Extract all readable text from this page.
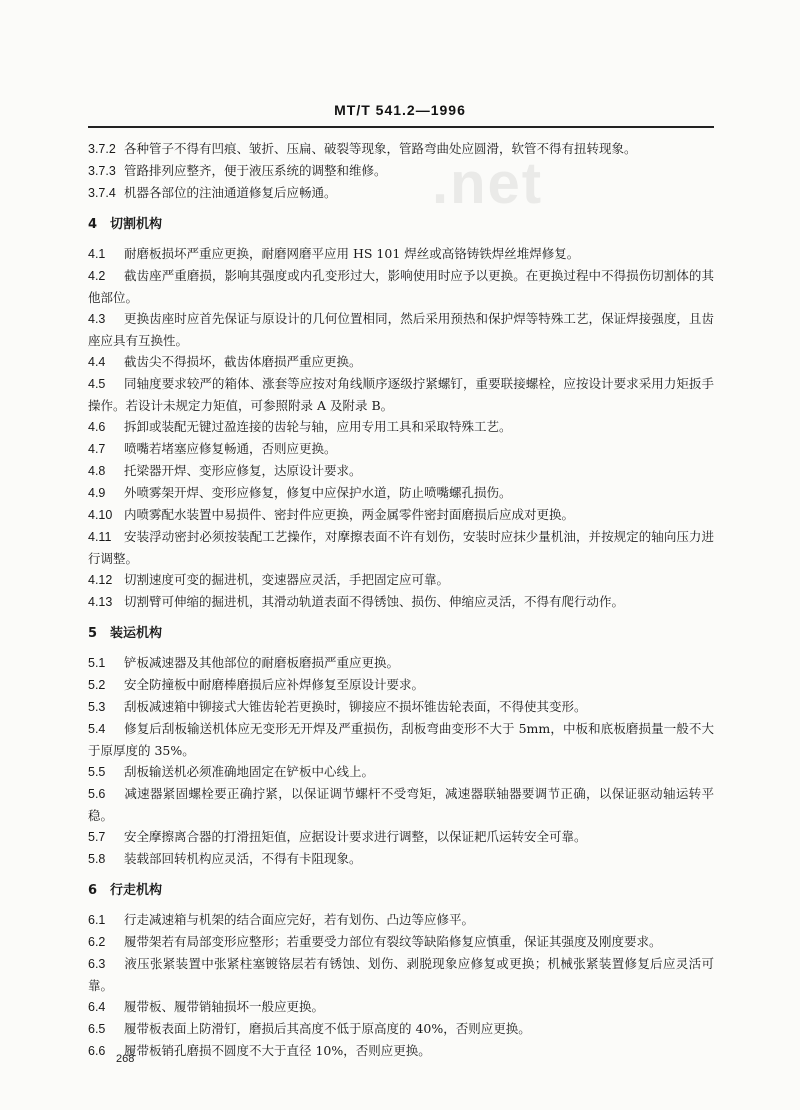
.net
MT/T 541.2—1996
3.7.2 各种管子不得有凹痕、皱折、压扁、破裂等现象，管路弯曲处应圆滑，软管不得有扭转现象。
3.7.3 管路排列应整齐，便于液压系统的调整和维修。
3.7.4 机器各部位的注油通道修复后应畅通。
4 切割机构
4.1 耐磨板损坏严重应更换，耐磨网磨平应用 HS 101 焊丝或高铬铸铁焊丝堆焊修复。
4.2 截齿座严重磨损，影响其强度或内孔变形过大，影响使用时应予以更换。在更换过程中不得损伤切割体的其他部位。
4.3 更换齿座时应首先保证与原设计的几何位置相同，然后采用预热和保护焊等特殊工艺，保证焊接强度，且齿座应具有互换性。
4.4 截齿尖不得损坏，截齿体磨损严重应更换。
4.5 同轴度要求较严的箱体、涨套等应按对角线顺序逐级拧紧螺钉，重要联接螺栓，应按设计要求采用力矩扳手操作。若设计未规定力矩值，可参照附录 A 及附录 B。
4.6 拆卸或装配无键过盈连接的齿轮与轴，应用专用工具和采取特殊工艺。
4.7 喷嘴若堵塞应修复畅通，否则应更换。
4.8 托梁器开焊、变形应修复，达原设计要求。
4.9 外喷雾架开焊、变形应修复，修复中应保护水道，防止喷嘴螺孔损伤。
4.10 内喷雾配水装置中易损件、密封件应更换，两金属零件密封面磨损后应成对更换。
4.11 安装浮动密封必须按装配工艺操作，对摩擦表面不许有划伤，安装时应抹少量机油，并按规定的轴向压力进行调整。
4.12 切割速度可变的掘进机，变速器应灵活，手把固定应可靠。
4.13 切割臂可伸缩的掘进机，其滑动轨道表面不得锈蚀、损伤、伸缩应灵活，不得有爬行动作。
5 装运机构
5.1 铲板减速器及其他部位的耐磨板磨损严重应更换。
5.2 安全防撞板中耐磨棒磨损后应补焊修复至原设计要求。
5.3 刮板减速箱中铆接式大锥齿轮若更换时，铆接应不损坏锥齿轮表面，不得使其变形。
5.4 修复后刮板输送机体应无变形无开焊及严重损伤，刮板弯曲变形不大于 5mm，中板和底板磨损量一般不大于原厚度的 35%。
5.5 刮板输送机必须准确地固定在铲板中心线上。
5.6 减速器紧固螺栓要正确拧紧，以保证调节螺杆不受弯矩，减速器联轴器要调节正确，以保证驱动轴运转平稳。
5.7 安全摩擦离合器的打滑扭矩值，应据设计要求进行调整，以保证耙爪运转安全可靠。
5.8 装载部回转机构应灵活，不得有卡阻现象。
6 行走机构
6.1 行走减速箱与机架的结合面应完好，若有划伤、凸边等应修平。
6.2 履带架若有局部变形应整形；若重要受力部位有裂纹等缺陷修复应慎重，保证其强度及刚度要求。
6.3 液压张紧装置中张紧柱塞镀铬层若有锈蚀、划伤、剥脱现象应修复或更换；机械张紧装置修复后应灵活可靠。
6.4 履带板、履带销轴损坏一般应更换。
6.5 履带板表面上防滑钉，磨损后其高度不低于原高度的 40%，否则应更换。
6.6 履带板销孔磨损不圆度不大于直径 10%，否则应更换。
268
